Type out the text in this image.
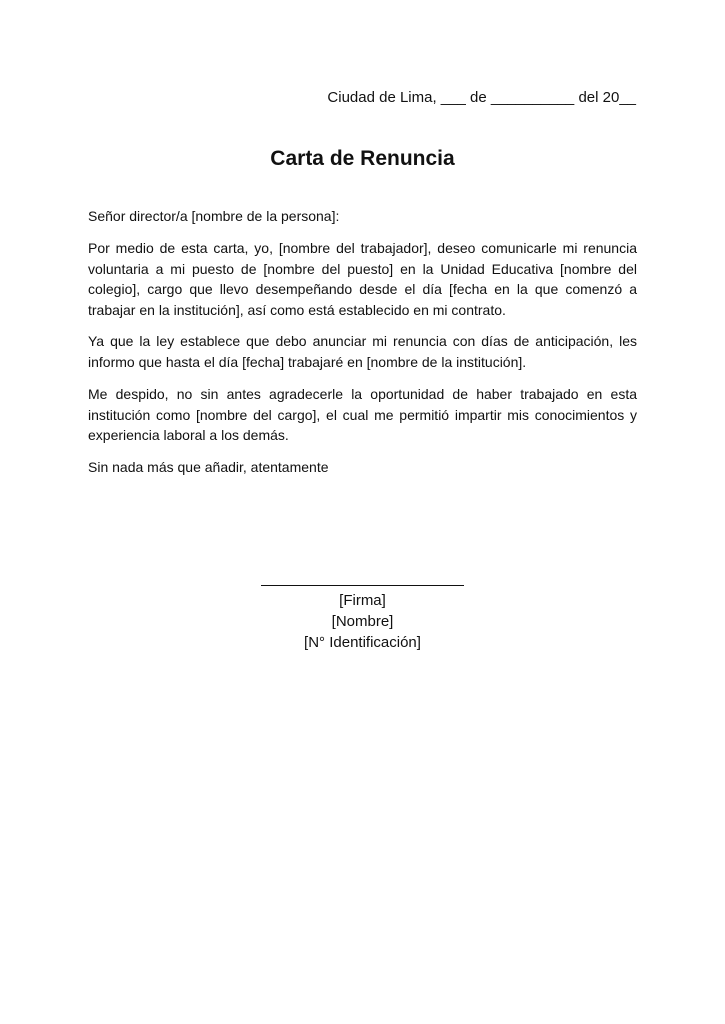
Ciudad de Lima, ___ de __________ del 20__
Carta de Renuncia

Señor director/a [nombre de la persona]:

Por medio de esta carta, yo, [nombre del trabajador], deseo comunicarle mi renuncia voluntaria a mi puesto de [nombre del puesto] en la Unidad Educativa [nombre del colegio], cargo que llevo desempeñando desde el día [fecha en la que comenzó a trabajar en la institución], así como está establecido en mi contrato.

Ya que la ley establece que debo anunciar mi renuncia con días de anticipación, les informo que hasta el día [fecha] trabajaré en [nombre de la institución].

Me despido, no sin antes agradecerle la oportunidad de haber trabajado en esta institución como [nombre del cargo], el cual me permitió impartir mis conocimientos y experiencia laboral a los demás.

Sin nada más que añadir, atentamente

[Firma]
[Nombre]
[N° Identificación]
